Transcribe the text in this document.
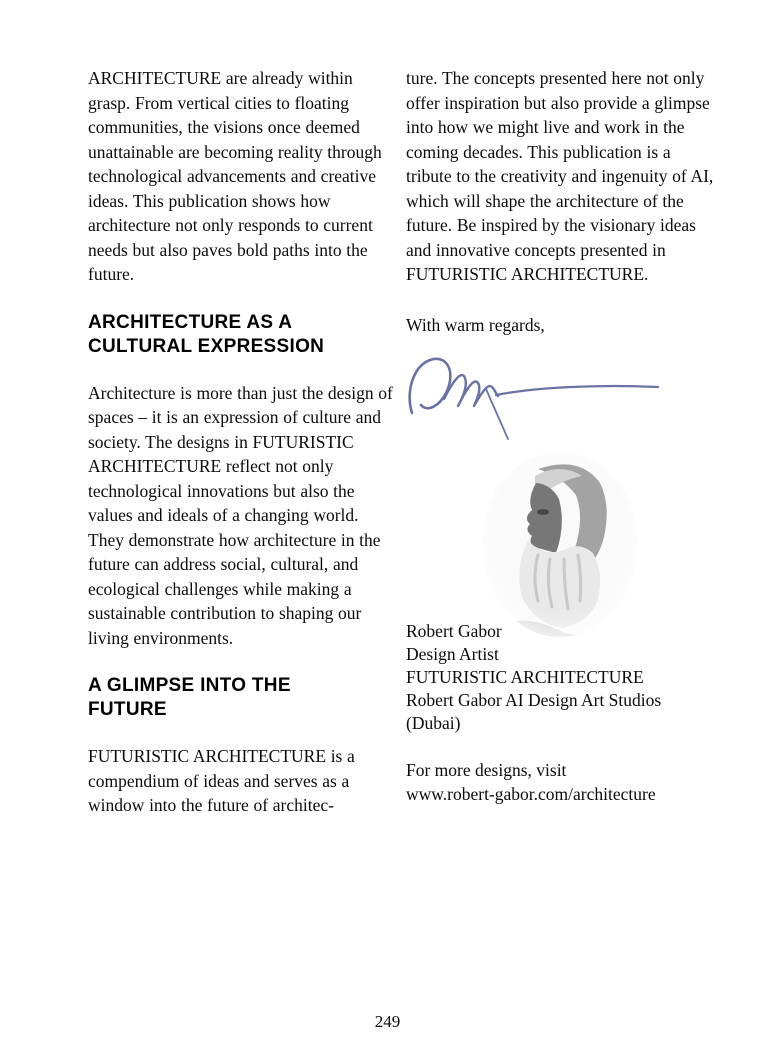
ARCHITECTURE are already within grasp. From vertical cities to floating communities, the visions once deemed unattainable are becoming reality through technological advancements and creative ideas. This publication shows how architecture not only responds to current needs but also paves bold paths into the future.

ARCHITECTURE AS A CULTURAL EXPRESSION

Architecture is more than just the design of spaces – it is an expression of culture and society. The designs in FUTURISTIC ARCHITECTURE reflect not only technological innovations but also the values and ideals of a changing world. They demonstrate how architecture in the future can address social, cultural, and ecological challenges while making a sustainable contribution to shaping our living environments.

A GLIMPSE INTO THE FUTURE

FUTURISTIC ARCHITECTURE is a compendium of ideas and serves as a window into the future of architec-

ture. The concepts presented here not only offer inspiration but also provide a glimpse into how we might live and work in the coming decades. This publication is a tribute to the creativity and ingenuity of AI, which will shape the architecture of the future. Be inspired by the visionary ideas and innovative concepts presented in FUTURISTIC ARCHITECTURE.

With warm regards,

Robert Gabor
Design Artist
FUTURISTIC ARCHITECTURE
Robert Gabor AI Design Art Studios
(Dubai)
For more designs, visit
www.robert-gabor.com/architecture
249
